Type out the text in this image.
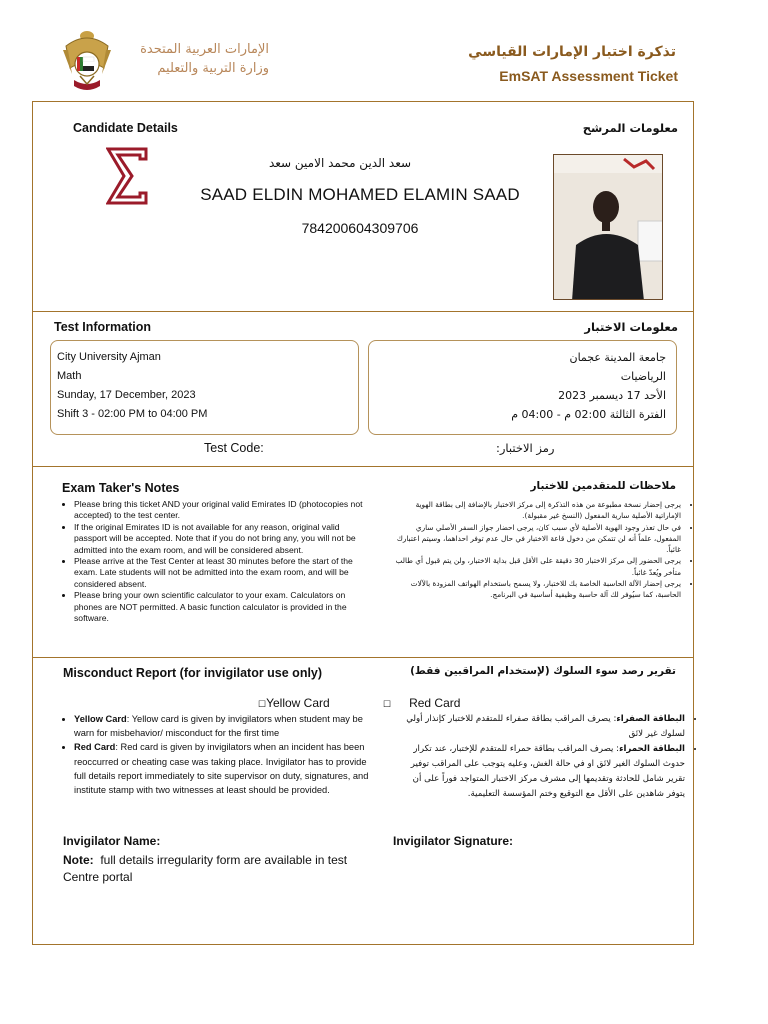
الإمارات العربية المتحدة
وزارة التربية والتعليم
تذكرة اختبار الإمارات القياسي
EmSAT Assessment Ticket
Candidate Details	معلومات المرشح
سعد الدين محمد الامين سعد
SAAD ELDIN MOHAMED ELAMIN SAAD
784200604309706
Test Information	معلومات الاختبار
City University Ajman
Math
Sunday, 17 December, 2023
Shift 3 - 02:00 PM to 04:00 PM
جامعة المدينة عجمان
الرياضيات
الأحد 17 ديسمبر 2023
الفترة الثالثة 02:00 م - 04:00 م
Test Code:	رمز الاختبار:
Exam Taker's Notes	ملاحظات للمتقدمين للاختبار
• Please bring this ticket AND your original valid Emirates ID (photocopies not accepted) to the test center.
• If the original Emirates ID is not available for any reason, original valid passport will be accepted. Note that if you do not bring any, you will not be admitted into the exam room, and will be considered absent.
• Please arrive at the Test Center at least 30 minutes before the start of the exam. Late students will not be admitted into the exam room, and will be considered absent.
• Please bring your own scientific calculator to your exam. Calculators on phones are NOT permitted. A basic function calculator is provided in the software.
• يرجى إحضار نسخة مطبوعة من هذه التذكرة إلى مركز الاختبار بالإضافة إلى بطاقة الهوية الإماراتية الأصلية سارية المفعول (النسخ غير مقبولة).
• في حال تعذر وجود الهوية الأصلية لأي سبب كان، يرجى احضار جواز السفر الأصلي ساري المفعول، علماً أنه لن تتمكن من دخول قاعة الاختبار في حال عدم توفر احداهما، وسيتم اعتبارك غائباً.
• يرجى الحضور إلى مركز الاختبار 30 دقيقة على الأقل قبل بداية الاختبار، ولن يتم قبول أي طالب متأخر ويُعدّ غائباً.
• يرجى إحضار الآلة الحاسبة الخاصة بك للاختبار، ولا يسمح باستخدام الهواتف المزودة بالآلات الحاسبة، كما سيُوفر لك آلة حاسبة وظيفية أساسية في البرنامج.
Misconduct Report (for invigilator use only)	تقرير رصد سوء السلوك (لإستخدام المراقبين فقط)
☐Yellow Card	☐ Red Card
• Yellow Card: Yellow card is given by invigilators when student may be warn for misbehavior/ misconduct for the first time
• Red Card: Red card is given by invigilators when an incident has been reoccurred or cheating case was taking place. Invigilator has to provide full details report immediately to site supervisor on duty, signatures, and institute stamp with two witnesses at least should be provided.
• البطاقة الصفراء: يصرف المراقب بطاقة صفراء للمتقدم للاختبار كإنذار أولي لسلوك غير لائق
• البطاقة الحمراء: يصرف المراقب بطاقة حمراء للمتقدم للإختبار، عند تكرار حدوث السلوك الغير لائق او في حالة الغش، وعليه يتوجب على المراقب توفير تقرير شامل للحادثة وتقديمها إلى مشرف مركز الاختبار المتواجد فوراً على أن يتوفر شاهدين على الأقل مع التوقيع وختم المؤسسة التعليمية.
Invigilator Name:	Invigilator Signature:
Note: full details irregularity form are available in test Centre portal
